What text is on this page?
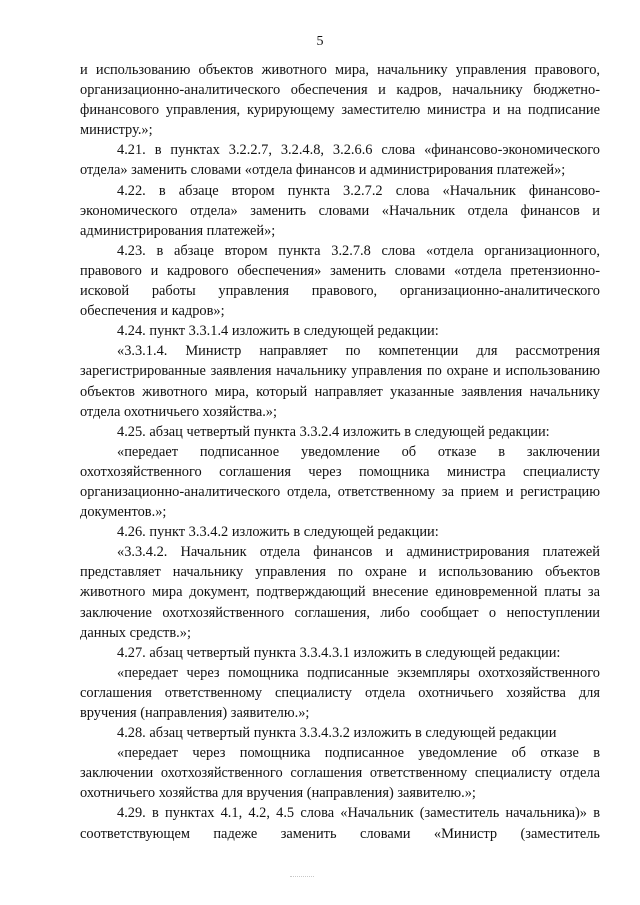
5

и использованию объектов животного мира, начальнику управления правового, организационно-аналитического обеспечения и кадров, начальнику бюджетно-финансового управления, курирующему заместителю министра и на подписание министру.»;

4.21. в пунктах 3.2.2.7, 3.2.4.8, 3.2.6.6 слова «финансово-экономического отдела» заменить словами «отдела финансов и администрирования платежей»;

4.22. в абзаце втором пункта 3.2.7.2 слова «Начальник финансово-экономического отдела» заменить словами «Начальник отдела финансов и администрирования платежей»;

4.23. в абзаце втором пункта 3.2.7.8 слова «отдела организационного, правового и кадрового обеспечения» заменить словами «отдела претензионно-исковой работы управления правового, организационно-аналитического обеспечения и кадров»;

4.24. пункт 3.3.1.4 изложить в следующей редакции:

«3.3.1.4. Министр направляет по компетенции для рассмотрения зарегистрированные заявления начальнику управления по охране и использованию объектов животного мира, который направляет указанные заявления начальнику отдела охотничьего хозяйства.»;

4.25. абзац четвертый пункта 3.3.2.4 изложить в следующей редакции:

«передает подписанное уведомление об отказе в заключении охотхозяйственного соглашения через помощника министра специалисту организационно-аналитического отдела, ответственному за прием и регистрацию документов.»;

4.26. пункт 3.3.4.2 изложить в следующей редакции:

«3.3.4.2. Начальник отдела финансов и администрирования платежей представляет начальнику управления по охране и использованию объектов животного мира документ, подтверждающий внесение единовременной платы за заключение охотхозяйственного соглашения, либо сообщает о непоступлении данных средств.»;

4.27. абзац четвертый пункта 3.3.4.3.1 изложить в следующей редакции:

«передает через помощника подписанные экземпляры охотхозяйственного соглашения ответственному специалисту отдела охотничьего хозяйства для вручения (направления) заявителю.»;

4.28. абзац четвертый пункта 3.3.4.3.2 изложить в следующей редакции

«передает через помощника подписанное уведомление об отказе в заключении охотхозяйственного соглашения ответственному специалисту отдела охотничьего хозяйства для вручения (направления) заявителю.»;

4.29. в пунктах 4.1, 4.2, 4.5 слова «Начальник (заместитель начальника)» в соответствующем падеже заменить словами «Министр (заместитель
